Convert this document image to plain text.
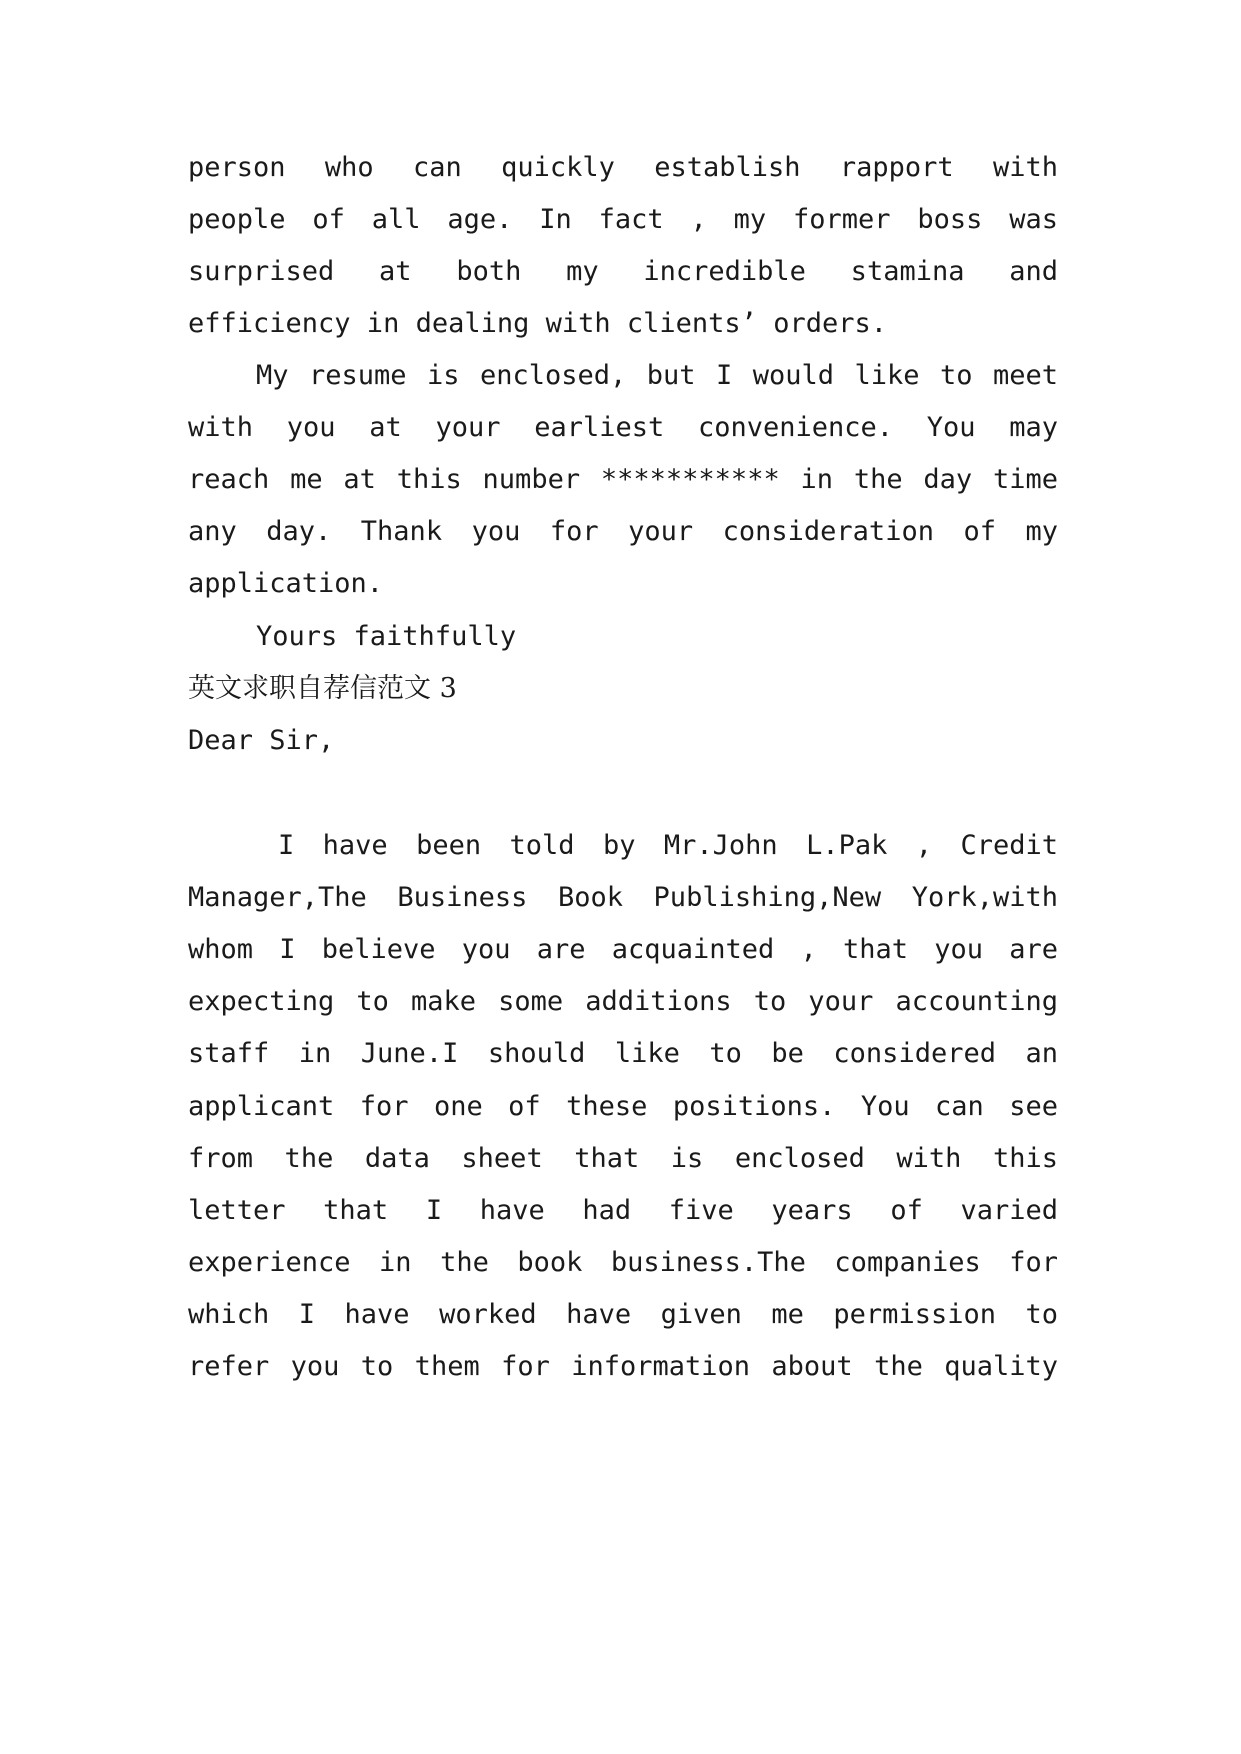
person who can quickly establish rapport with
people of all age. In fact , my former boss was
surprised at both my incredible stamina and
efficiency in dealing with clients’ orders.
My resume is enclosed, but I would like to meet
with you at your earliest convenience. You may
reach me at this number *********** in the day time
any day. Thank you for your consideration of my
application.
Yours faithfully
英文求职自荐信范文 3
Dear Sir,
I have been told by Mr.John L.Pak , Credit
Manager,The Business Book Publishing,New York,with
whom I believe you are acquainted , that you are
expecting to make some additions to your accounting
staff in June.I should like to be considered an
applicant for one of these positions. You can see
from the data sheet that is enclosed with this
letter that I have had five years of varied
experience in the book business.The companies for
which I have worked have given me permission to
refer you to them for information about the quality
